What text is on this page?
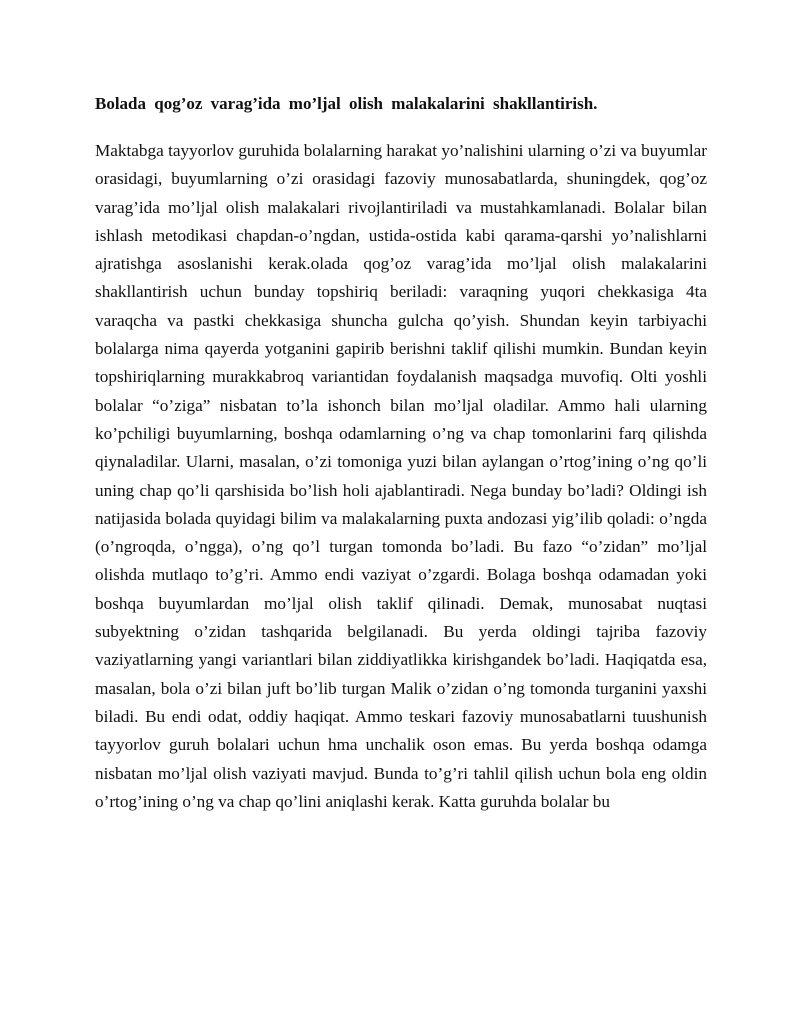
Bolada qog’oz varag’ida mo’ljal olish malakalarini shakllantirish.

Maktabga tayyorlov guruhida bolalarning harakat yo’nalishini ularning o’zi va buyumlar orasidagi, buyumlarning o’zi orasidagi fazoviy munosabatlarda, shuningdek, qog’oz varag’ida mo’ljal olish malakalari rivojlantiriladi va mustahkamlanadi. Bolalar bilan ishlash metodikasi chapdan-o’ngdan, ustida-ostida kabi qarama-qarshi yo’nalishlarni ajratishga asoslanishi kerak.olada qog’oz varag’ida mo’ljal olish malakalarini shakllantirish uchun bunday topshiriq beriladi: varaqning yuqori chekkasiga 4ta varaqcha va pastki chekkasiga shuncha gulcha qo’yish. Shundan keyin tarbiyachi bolalarga nima qayerda yotganini gapirib berishni taklif qilishi mumkin. Bundan keyin topshiriqlarning murakkabroq variantidan foydalanish maqsadga muvofiq. Olti yoshli bolalar “o’ziga” nisbatan to’la ishonch bilan mo’ljal oladilar. Ammo hali ularning ko’pchiligi buyumlarning, boshqa odamlarning o’ng va chap tomonlarini farq qilishda qiynaladilar. Ularni, masalan, o’zi tomoniga yuzi bilan aylangan o’rtog’ining o’ng qo’li uning chap qo’li qarshisida bo’lish holi ajablantiradi. Nega bunday bo’ladi? Oldingi ish natijasida bolada quyidagi bilim va malakalarning puxta andozasi yig’ilib qoladi: o’ngda (o’ngroqda, o’ngga), o’ng qo’l turgan tomonda bo’ladi. Bu fazo “o’zidan” mo’ljal olishda mutlaqo to’g’ri. Ammo endi vaziyat o’zgardi. Bolaga boshqa odamadan yoki boshqa buyumlardan mo’ljal olish taklif qilinadi. Demak, munosabat nuqtasi subyektning o’zidan tashqarida belgilanadi. Bu yerda oldingi tajriba fazoviy vaziyatlarning yangi variantlari bilan ziddiyatlikka kirishgandek bo’ladi. Haqiqatda esa, masalan, bola o’zi bilan juft bo’lib turgan Malik o’zidan o’ng tomonda turganini yaxshi biladi. Bu endi odat, oddiy haqiqat. Ammo teskari fazoviy munosabatlarni tuushunish tayyorlov guruh bolalari uchun hma unchalik oson emas. Bu yerda boshqa odamga nisbatan mo’ljal olish vaziyati mavjud. Bunda to’g’ri tahlil qilish uchun bola eng oldin o’rtog’ining o’ng va chap qo’lini aniqlashi kerak. Katta guruhda bolalar bu
